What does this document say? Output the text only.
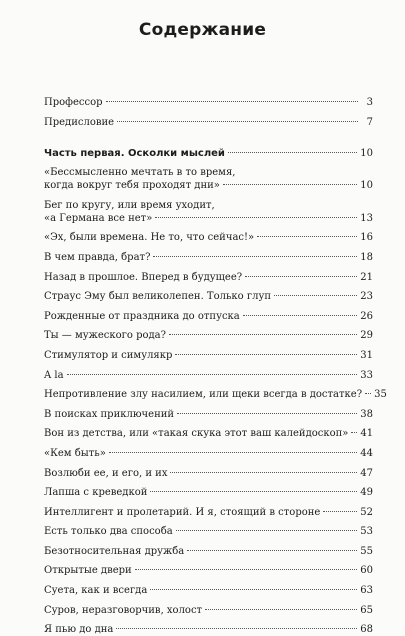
Содержание
Профессор	3
Предисловие	7
Часть первая. Осколки мыслей	10
«Бессмысленно мечтать в то время,
когда вокруг тебя проходят дни»	10
Бег по кругу, или время уходит,
«а Германа все нет»	13
«Эх, были времена. Не то, что сейчас!»	16
В чем правда, брат?	18
Назад в прошлое. Вперед в будущее?	21
Страус Эму был великолепен. Только глуп	23
Рожденные от праздника до отпуска	26
Ты — мужеского рода?	29
Стимулятор и симулякр	31
A la	33
Непротивление злу насилием, или щеки всегда в достатке? 35
В поисках приключений	38
Вон из детства, или «такая скука этот ваш калейдоскоп» 41
«Кем быть»	44
Возлюби ее, и его, и их	47
Лапша с креведкой	49
Интеллигент и пролетарий. И я, стоящий в стороне	52
Есть только два способа	53
Безотносительная дружба	55
Открытые двери	60
Суета, как и всегда	63
Суров, неразговорчив, холост	65
Я пью до дна	68
